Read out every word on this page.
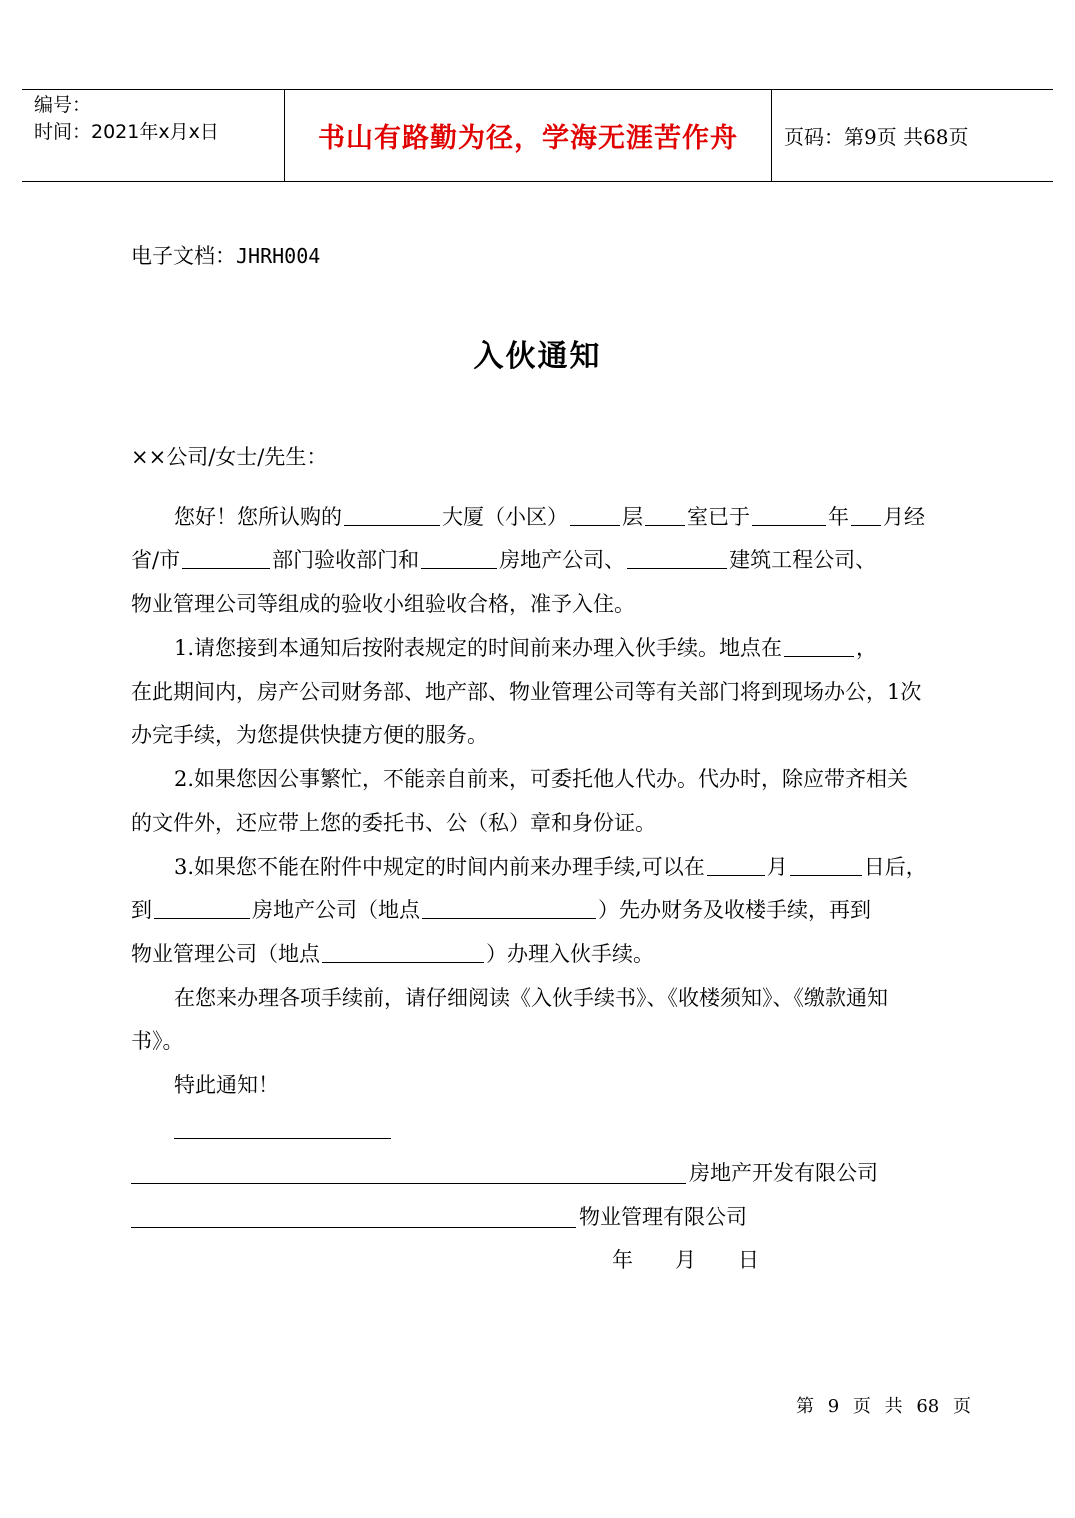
编号：
时间：2021年x月x日	书山有路勤为径，学海无涯苦作舟	页码：第9页 共68页
电子文档：JHRH004
入伙通知
××公司/女士/先生：
您好！您所认购的	大厦（小区）	层 室已于	年 月经
省/市	部门验收部门和	房地产公司、	建筑工程公司、
物业管理公司等组成的验收小组验收合格，准予入住。
1.请您接到本通知后按附表规定的时间前来办理入伙手续。地点在	，
在此期间内，房产公司财务部、地产部、物业管理公司等有关部门将到现场办公，1次
办完手续，为您提供快捷方便的服务。
2.如果您因公事繁忙，不能亲自前来，可委托他人代办。代办时，除应带齐相关
的文件外，还应带上您的委托书、公（私）章和身份证。
3.如果您不能在附件中规定的时间内前来办理手续,可以在	月	日后，
到	房地产公司（地点	）先办财务及收楼手续，再到
物业管理公司（地点	）办理入伙手续。
在您来办理各项手续前，请仔细阅读《入伙手续书》、《收楼须知》、《缴款通知
书》。
特此通知！
房地产开发有限公司
物业管理有限公司
年　　月　　日
第 9 页 共 68 页
